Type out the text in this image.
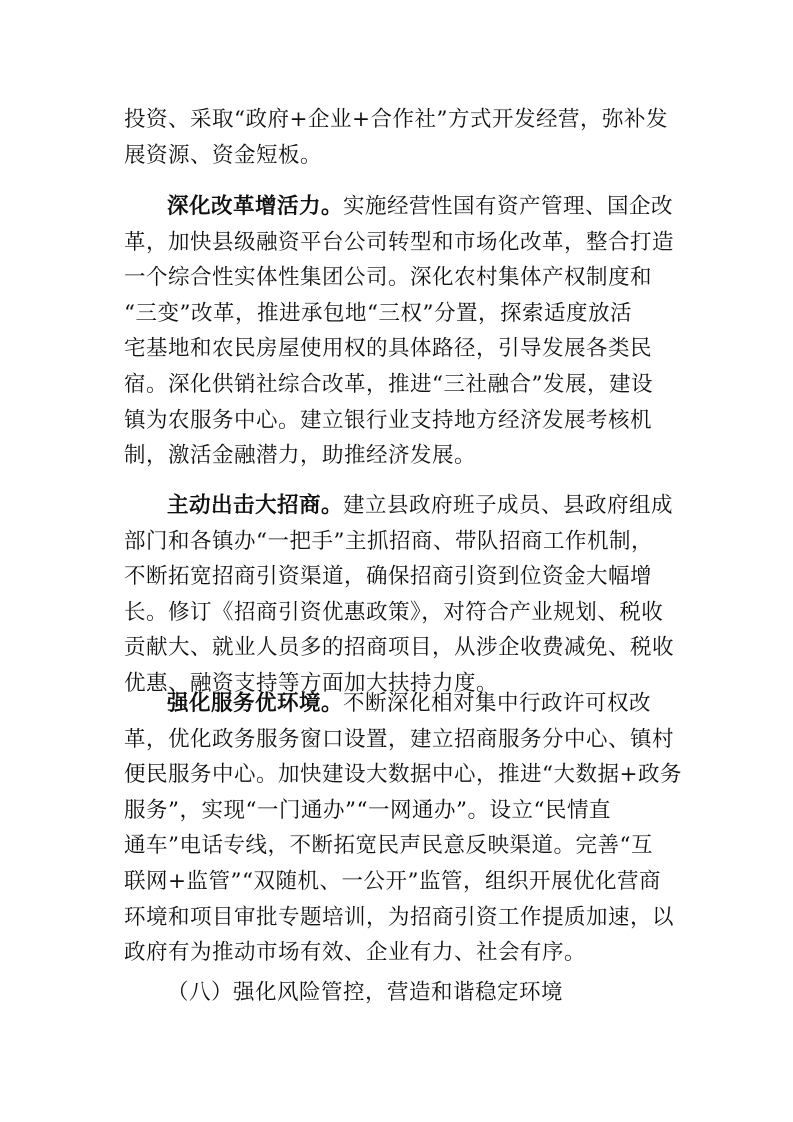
投资、采取“政府+企业+合作社”方式开发经营，弥补发
展资源、资金短板。
深化改革增活力。实施经营性国有资产管理、国企改
革，加快县级融资平台公司转型和市场化改革，整合打造
一个综合性实体性集团公司。深化农村集体产权制度和
“三变”改革，推进承包地“三权”分置，探索适度放活
宅基地和农民房屋使用权的具体路径，引导发展各类民
宿。深化供销社综合改革，推进“三社融合”发展，建设
镇为农服务中心。建立银行业支持地方经济发展考核机
制，激活金融潜力，助推经济发展。
主动出击大招商。建立县政府班子成员、县政府组成
部门和各镇办“一把手”主抓招商、带队招商工作机制，
不断拓宽招商引资渠道，确保招商引资到位资金大幅增
长。修订《招商引资优惠政策》，对符合产业规划、税收
贡献大、就业人员多的招商项目，从涉企收费减免、税收
优惠、融资支持等方面加大扶持力度。
强化服务优环境。不断深化相对集中行政许可权改
革，优化政务服务窗口设置，建立招商服务分中心、镇村
便民服务中心。加快建设大数据中心，推进“大数据+政务
服务”，实现“一门通办”“一网通办”。设立“民情直
通车”电话专线，不断拓宽民声民意反映渠道。完善“互
联网+监管”“双随机、一公开”监管，组织开展优化营商
环境和项目审批专题培训，为招商引资工作提质加速，以
政府有为推动市场有效、企业有力、社会有序。
（八）强化风险管控，营造和谐稳定环境
